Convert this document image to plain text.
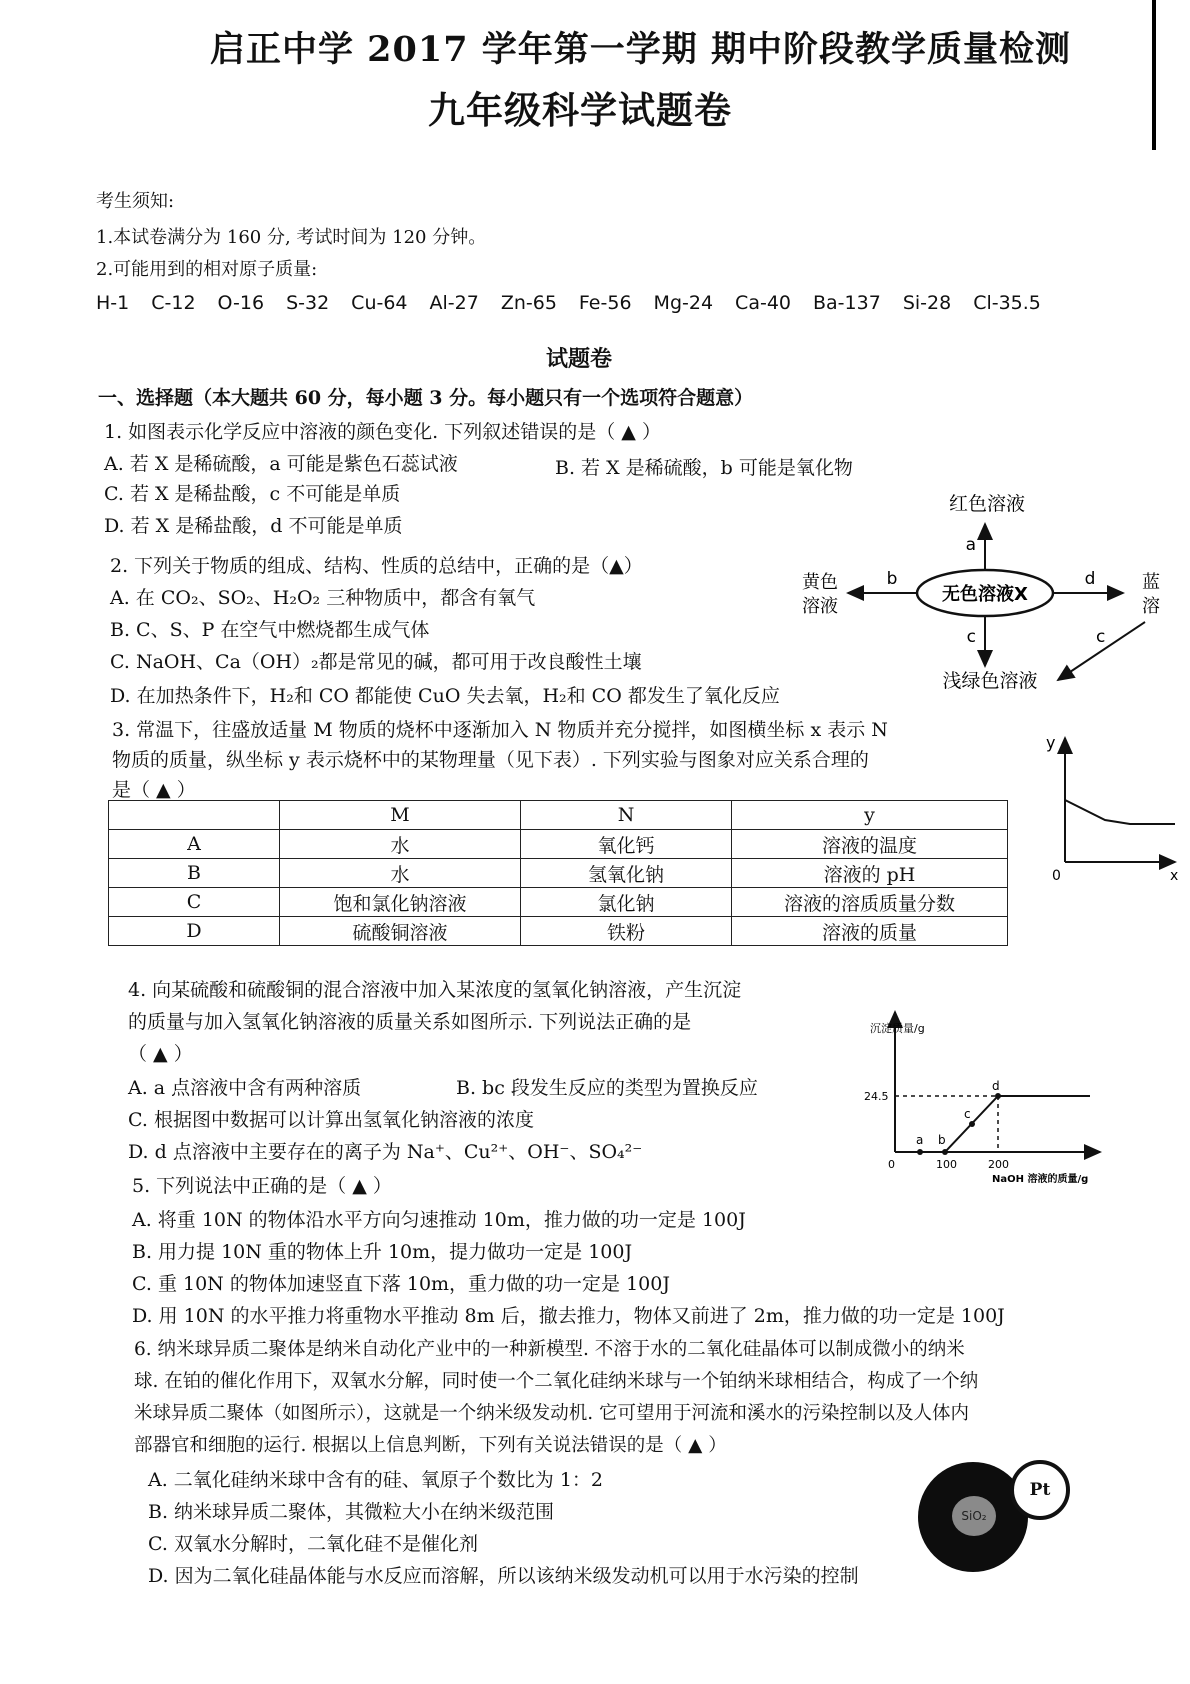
启正中学 2017 学年第一学期 期中阶段教学质量检测
九年级科学试题卷
考生须知:
1.本试卷满分为 160 分, 考试时间为 120 分钟。
2.可能用到的相对原子质量:
H-1 C-12 O-16 S-32 Cu-64 Al-27 Zn-65 Fe-56 Mg-24 Ca-40 Ba-137 Si-28 Cl-35.5
试题卷
一、选择题（本大题共 60 分，每小题 3 分。每小题只有一个选项符合题意）
1. 如图表示化学反应中溶液的颜色变化. 下列叙述错误的是（ ▲ ）
A. 若 X 是稀硫酸，a 可能是紫色石蕊试液	B. 若 X 是稀硫酸，b 可能是氧化物
C. 若 X 是稀盐酸，c 不可能是单质
D. 若 X 是稀盐酸，d 不可能是单质
无色溶液X
a
红色溶液
b
黄色
溶液
d	蓝
溶
c
浅绿色溶液
c
2. 下列关于物质的组成、结构、性质的总结中，正确的是（▲）
A. 在 CO₂、SO₂、H₂O₂ 三种物质中，都含有氧气
B. C、S、P 在空气中燃烧都生成气体
C. NaOH、Ca（OH）₂都是常见的碱，都可用于改良酸性土壤
D. 在加热条件下，H₂和 CO 都能使 CuO 失去氧，H₂和 CO 都发生了氧化反应
3. 常温下，往盛放适量 M 物质的烧杯中逐渐加入 N 物质并充分搅拌，如图横坐标 x 表示 N
物质的质量，纵坐标 y 表示烧杯中的某物理量（见下表）. 下列实验与图象对应关系合理的
是（ ▲ ）
	M	N	y
A	水	氧化钙	溶液的温度
B	水	氢氧化钠	溶液的 pH
C	饱和氯化钠溶液	氯化钠	溶液的溶质质量分数
D	硫酸铜溶液	铁粉	溶液的质量
y
0	x
4. 向某硫酸和硫酸铜的混合溶液中加入某浓度的氢氧化钠溶液，产生沉淀
的质量与加入氢氧化钠溶液的质量关系如图所示. 下列说法正确的是
（ ▲ ）
A. a 点溶液中含有两种溶质	B. bc 段发生反应的类型为置换反应
C. 根据图中数据可以计算出氢氧化钠溶液的浓度
D. d 点溶液中主要存在的离子为 Na⁺、Cu²⁺、OH⁻、SO₄²⁻
沉淀质量/g
a b
c
d
24.5
0	100	200
NaOH 溶液的质量/g
5. 下列说法中正确的是（ ▲ ）
A. 将重 10N 的物体沿水平方向匀速推动 10m，推力做的功一定是 100J
B. 用力提 10N 重的物体上升 10m，提力做功一定是 100J
C. 重 10N 的物体加速竖直下落 10m，重力做的功一定是 100J
D. 用 10N 的水平推力将重物水平推动 8m 后，撤去推力，物体又前进了 2m，推力做的功一定是 100J
6. 纳米球异质二聚体是纳米自动化产业中的一种新模型. 不溶于水的二氧化硅晶体可以制成微小的纳米
球. 在铂的催化作用下，双氧水分解，同时使一个二氧化硅纳米球与一个铂纳米球相结合，构成了一个纳
米球异质二聚体（如图所示），这就是一个纳米级发动机. 它可望用于河流和溪水的污染控制以及人体内
部器官和细胞的运行. 根据以上信息判断，下列有关说法错误的是（ ▲ ）
A. 二氧化硅纳米球中含有的硅、氧原子个数比为 1：2
B. 纳米球异质二聚体，其微粒大小在纳米级范围
C. 双氧水分解时，二氧化硅不是催化剂
D. 因为二氧化硅晶体能与水反应而溶解，所以该纳米级发动机可以用于水污染的控制
SiO₂
Pt
